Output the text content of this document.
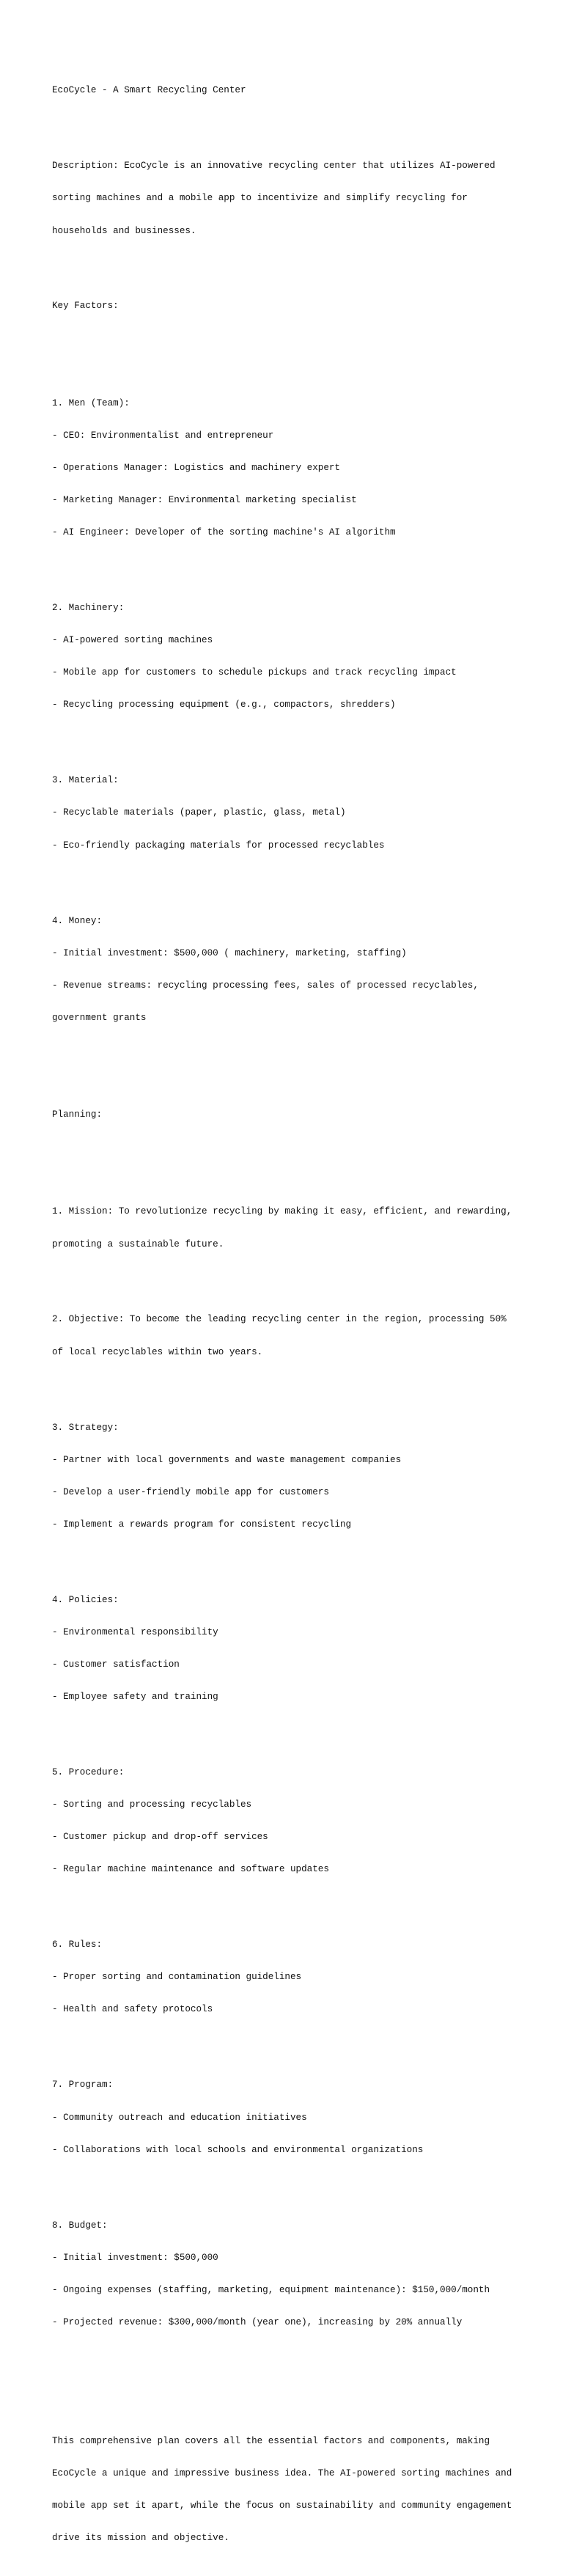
EcoCycle - A Smart Recycling Center

Description: EcoCycle is an innovative recycling center that utilizes AI-powered

sorting machines and a mobile app to incentivize and simplify recycling for

households and businesses.

Key Factors:

1. Men (Team):

- CEO: Environmentalist and entrepreneur

- Operations Manager: Logistics and machinery expert

- Marketing Manager: Environmental marketing specialist

- AI Engineer: Developer of the sorting machine's AI algorithm

2. Machinery:

- AI-powered sorting machines

- Mobile app for customers to schedule pickups and track recycling impact

- Recycling processing equipment (e.g., compactors, shredders)

3. Material:

- Recyclable materials (paper, plastic, glass, metal)

- Eco-friendly packaging materials for processed recyclables

4. Money:

- Initial investment: $500,000 ( machinery, marketing, staffing)

- Revenue streams: recycling processing fees, sales of processed recyclables,

government grants

Planning:

1. Mission: To revolutionize recycling by making it easy, efficient, and rewarding,

promoting a sustainable future.

2. Objective: To become the leading recycling center in the region, processing 50%

of local recyclables within two years.

3. Strategy:

- Partner with local governments and waste management companies

- Develop a user-friendly mobile app for customers

- Implement a rewards program for consistent recycling

4. Policies:

- Environmental responsibility

- Customer satisfaction

- Employee safety and training

5. Procedure:

- Sorting and processing recyclables

- Customer pickup and drop-off services

- Regular machine maintenance and software updates

6. Rules:

- Proper sorting and contamination guidelines

- Health and safety protocols

7. Program:

- Community outreach and education initiatives

- Collaborations with local schools and environmental organizations

8. Budget:

- Initial investment: $500,000

- Ongoing expenses (staffing, marketing, equipment maintenance): $150,000/month

- Projected revenue: $300,000/month (year one), increasing by 20% annually

This comprehensive plan covers all the essential factors and components, making

EcoCycle a unique and impressive business idea. The AI-powered sorting machines and

mobile app set it apart, while the focus on sustainability and community engagement

drive its mission and objective.
